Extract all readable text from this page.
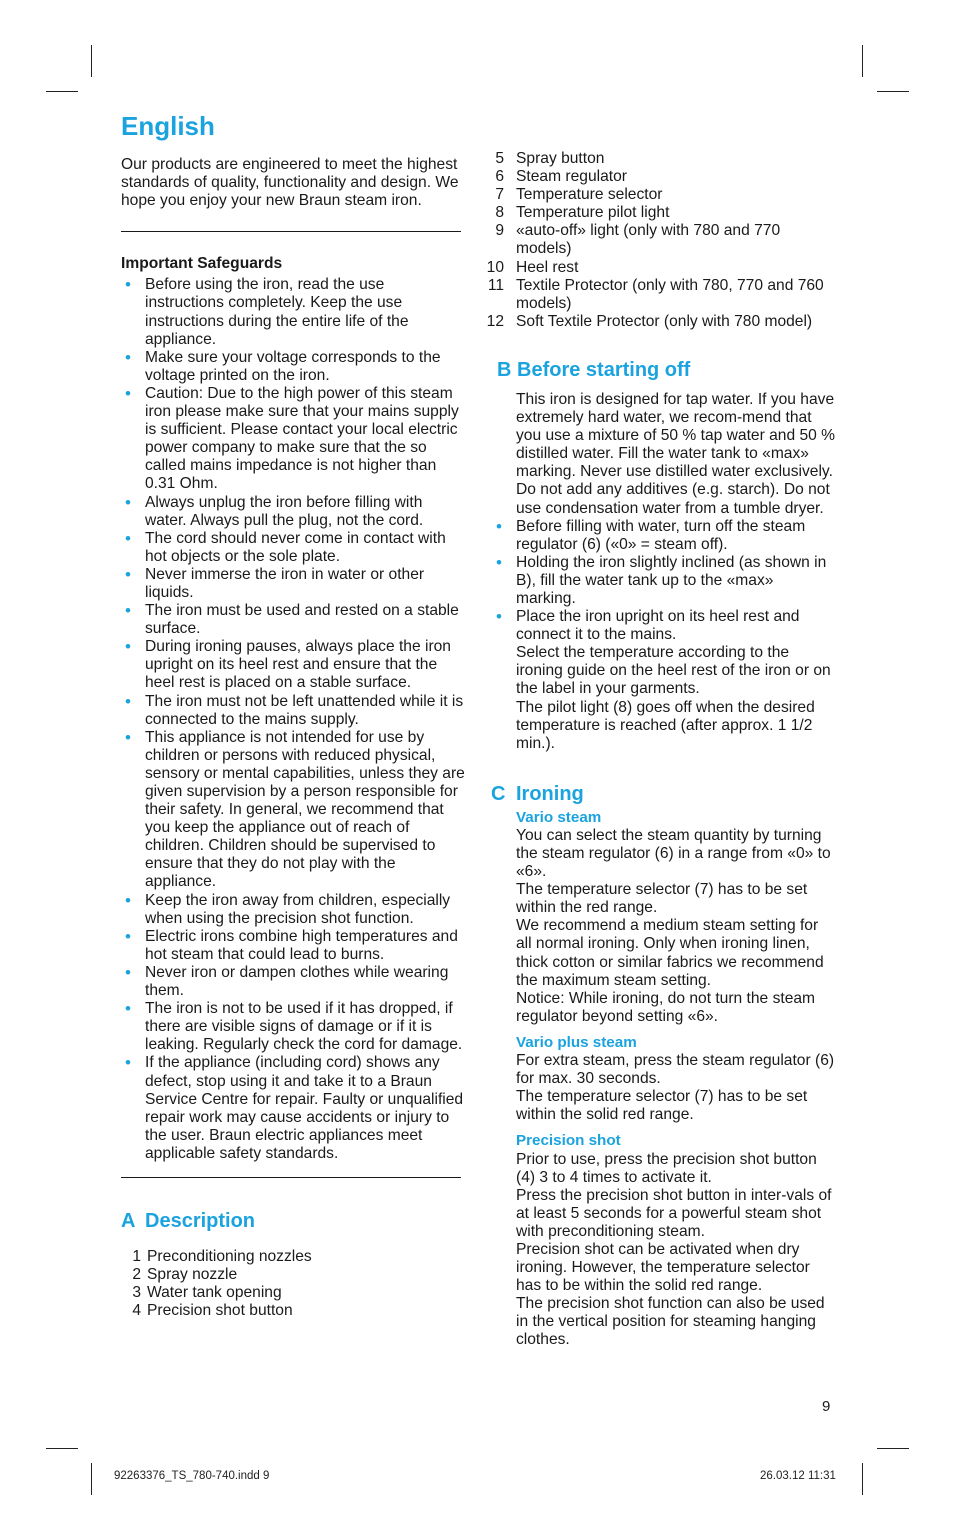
English

Our products are engineered to meet the highest standards of quality, functionality and design. We hope you enjoy your new Braun steam iron.

Important Safeguards

• Before using the iron, read the use instructions completely. Keep the use instructions during the entire life of the appliance.
• Make sure your voltage corresponds to the voltage printed on the iron.
• Caution: Due to the high power of this steam iron please make sure that your mains supply is sufficient. Please contact your local electric power company to make sure that the so called mains impedance is not higher than 0.31 Ohm.
• Always unplug the iron before filling with water. Always pull the plug, not the cord.
• The cord should never come in contact with hot objects or the sole plate.
• Never immerse the iron in water or other liquids.
• The iron must be used and rested on a stable surface.
• During ironing pauses, always place the iron upright on its heel rest and ensure that the heel rest is placed on a stable surface.
• The iron must not be left unattended while it is connected to the mains supply.
• This appliance is not intended for use by children or persons with reduced physical, sensory or mental capabilities, unless they are given supervision by a person responsible for their safety. In general, we recommend that you keep the appliance out of reach of children. Children should be supervised to ensure that they do not play with the appliance.
• Keep the iron away from children, especially when using the precision shot function.
• Electric irons combine high temperatures and hot steam that could lead to burns.
• Never iron or dampen clothes while wearing them.
• The iron is not to be used if it has dropped, if there are visible signs of damage or if it is leaking. Regularly check the cord for damage.
• If the appliance (including cord) shows any defect, stop using it and take it to a Braun Service Centre for repair. Faulty or unqualified repair work may cause accidents or injury to the user. Braun electric appliances meet applicable safety standards.
A Description
1 Preconditioning nozzles
2 Spray nozzle
3 Water tank opening
4 Precision shot button
5 Spray button
6 Steam regulator
7 Temperature selector
8 Temperature pilot light
9 «auto-off» light (only with 780 and 770 models)
10 Heel rest
11 Textile Protector (only with 780, 770 and 760 models)
12 Soft Textile Protector (only with 780 model)
B Before starting off

This iron is designed for tap water. If you have extremely hard water, we recom-mend that you use a mixture of 50 % tap water and 50 % distilled water. Fill the water tank to «max» marking. Never use distilled water exclusively. Do not add any additives (e.g. starch). Do not use condensation water from a tumble dryer.

• Before filling with water, turn off the steam regulator (6) («0» = steam off).
• Holding the iron slightly inclined (as shown in B), fill the water tank up to the «max» marking.
• Place the iron upright on its heel rest and connect it to the mains.

Select the temperature according to the ironing guide on the heel rest of the iron or on the label in your garments.

The pilot light (8) goes off when the desired temperature is reached (after approx. 1 1/2 min.).

C Ironing
Vario steam

You can select the steam quantity by turning the steam regulator (6) in a range from «0» to «6».

The temperature selector (7) has to be set within the red range.

We recommend a medium steam setting for all normal ironing. Only when ironing linen, thick cotton or similar fabrics we recommend the maximum steam setting.

Notice: While ironing, do not turn the steam regulator beyond setting «6».

Vario plus steam

For extra steam, press the steam regulator (6) for max. 30 seconds.

The temperature selector (7) has to be set within the solid red range.

Precision shot

Prior to use, press the precision shot button (4) 3 to 4 times to activate it.

Press the precision shot button in inter-vals of at least 5 seconds for a powerful steam shot with preconditioning steam.

Precision shot can be activated when dry ironing. However, the temperature selector has to be within the solid red range.

The precision shot function can also be used in the vertical position for steaming hanging clothes.

9
92263376_TS_780-740.indd 9	26.03.12 11:31
